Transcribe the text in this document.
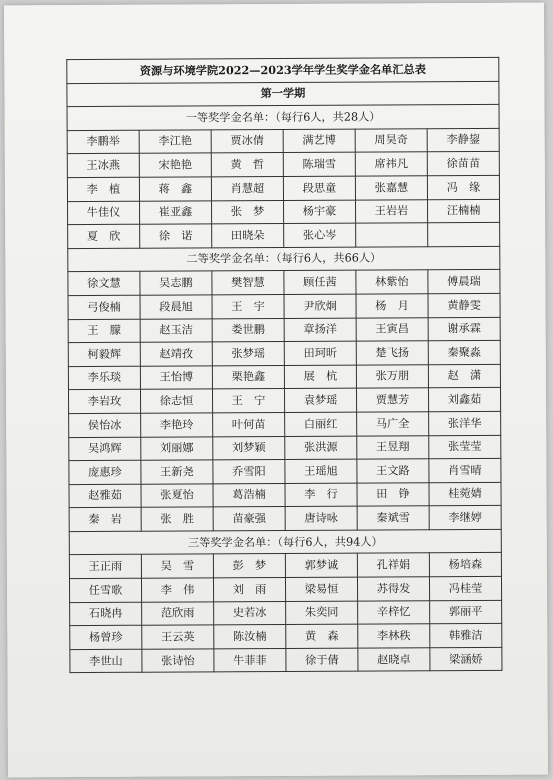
资源与环境学院2022—2023学年学生奖学金名单汇总表					
第一学期					
一等奖学金名单：（每行6人，共28人）					
李鹏举	李江艳	贾冰倩	满艺博	周昊奇	李静鋆
王冰燕	宋艳艳	黄　哲	陈瑞雪	席祎凡	徐苗苗
李　植	蒋　鑫	肖慧超	段思童	张嘉慧	冯　缘
牛佳仪	崔亚鑫	张　梦	杨宇豪	王岩岩	汪楠楠
夏　欣	徐　诺	田晓朵	张心岑		
二等奖学金名单：（每行6人，共66人）					
徐文慧	吴志鹏	樊智慧	顾任茜	林紫怡	傅晨瑞
弓俊楠	段晨旭	王　宇	尹欣炯	杨　月	黄静雯
王　朦	赵玉洁	娄世鹏	章扬洋	王寅昌	谢承霖
柯毅辉	赵靖孜	张梦瑶	田珂昕	楚飞扬	秦聚淼
李乐琰	王怡博	栗艳鑫	展　杭	张万朋	赵　潇
李岩玫	徐志恒	王　宁	袁梦瑶	贾慧芳	刘鑫茹
侯怡冰	李艳玲	叶何苗	白丽红	马广全	张洋华
吴鸿辉	刘丽娜	刘梦颖	张洪源	王昱翔	张莹莹
庞惠珍	王新尧	乔雪阳	王瑶旭	王文路	肖雪晴
赵雅茹	张夏怡	葛浩楠	李　行	田　铮	桂菀婧
秦　岩	张　胜	苗豪强	唐诗咏	秦斌雪	李继婷
三等奖学金名单：（每行6人，共94人）					
王正雨	吴　雪	彭　梦	郭梦诚	孔祥娟	杨培森
任雪歌	李　伟	刘　雨	梁易恒	苏得发	冯桂莹
石晓冉	范欣雨	史若冰	朱奕同	辛梓忆	郭丽平
杨曾珍	王云英	陈汝楠	黄　森	李林秩	韩雅洁
李世山	张诗怡	牛菲菲	徐于倩	赵晓卓	梁涵娇
